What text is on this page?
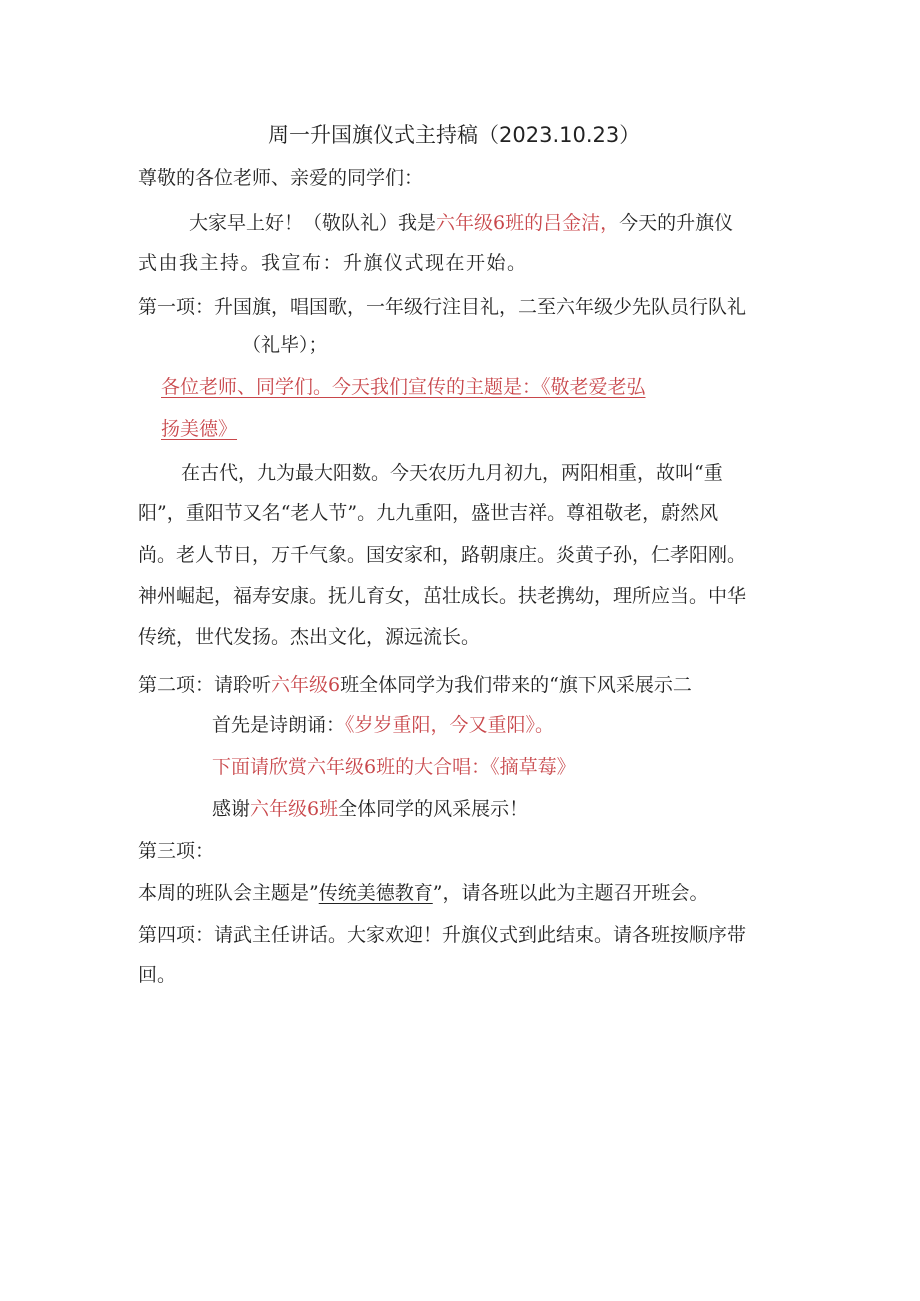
周一升国旗仪式主持稿（2023.10.23）
尊敬的各位老师、亲爱的同学们：
大家早上好！（敬队礼）我是六年级6班的吕金洁，今天的升旗仪
式由我主持。我宣布：升旗仪式现在开始。
第一项：升国旗，唱国歌，一年级行注目礼，二至六年级少先队员行队礼
（礼毕）；
各位老师、同学们。今天我们宣传的主题是：《敬老爱老弘
扬美德》
在古代，九为最大阳数。今天农历九月初九，两阳相重，故叫“重
阳”，重阳节又名“老人节”。九九重阳，盛世吉祥。尊祖敬老，蔚然风
尚。老人节日，万千气象。国安家和，路朝康庄。炎黄子孙，仁孝阳刚。
神州崛起，福寿安康。抚儿育女，茁壮成长。扶老携幼，理所应当。中华
传统，世代发扬。杰出文化，源远流长。
第二项：请聆听六年级6班全体同学为我们带来的“旗下风采展示二
首先是诗朗诵：《岁岁重阳，今又重阳》。
下面请欣赏六年级6班的大合唱：《摘草莓》
感谢六年级6班全体同学的风采展示！
第三项：
本周的班队会主题是”传统美德教育”，请各班以此为主题召开班会。
第四项：请武主任讲话。大家欢迎！升旗仪式到此结束。请各班按顺序带
回。
